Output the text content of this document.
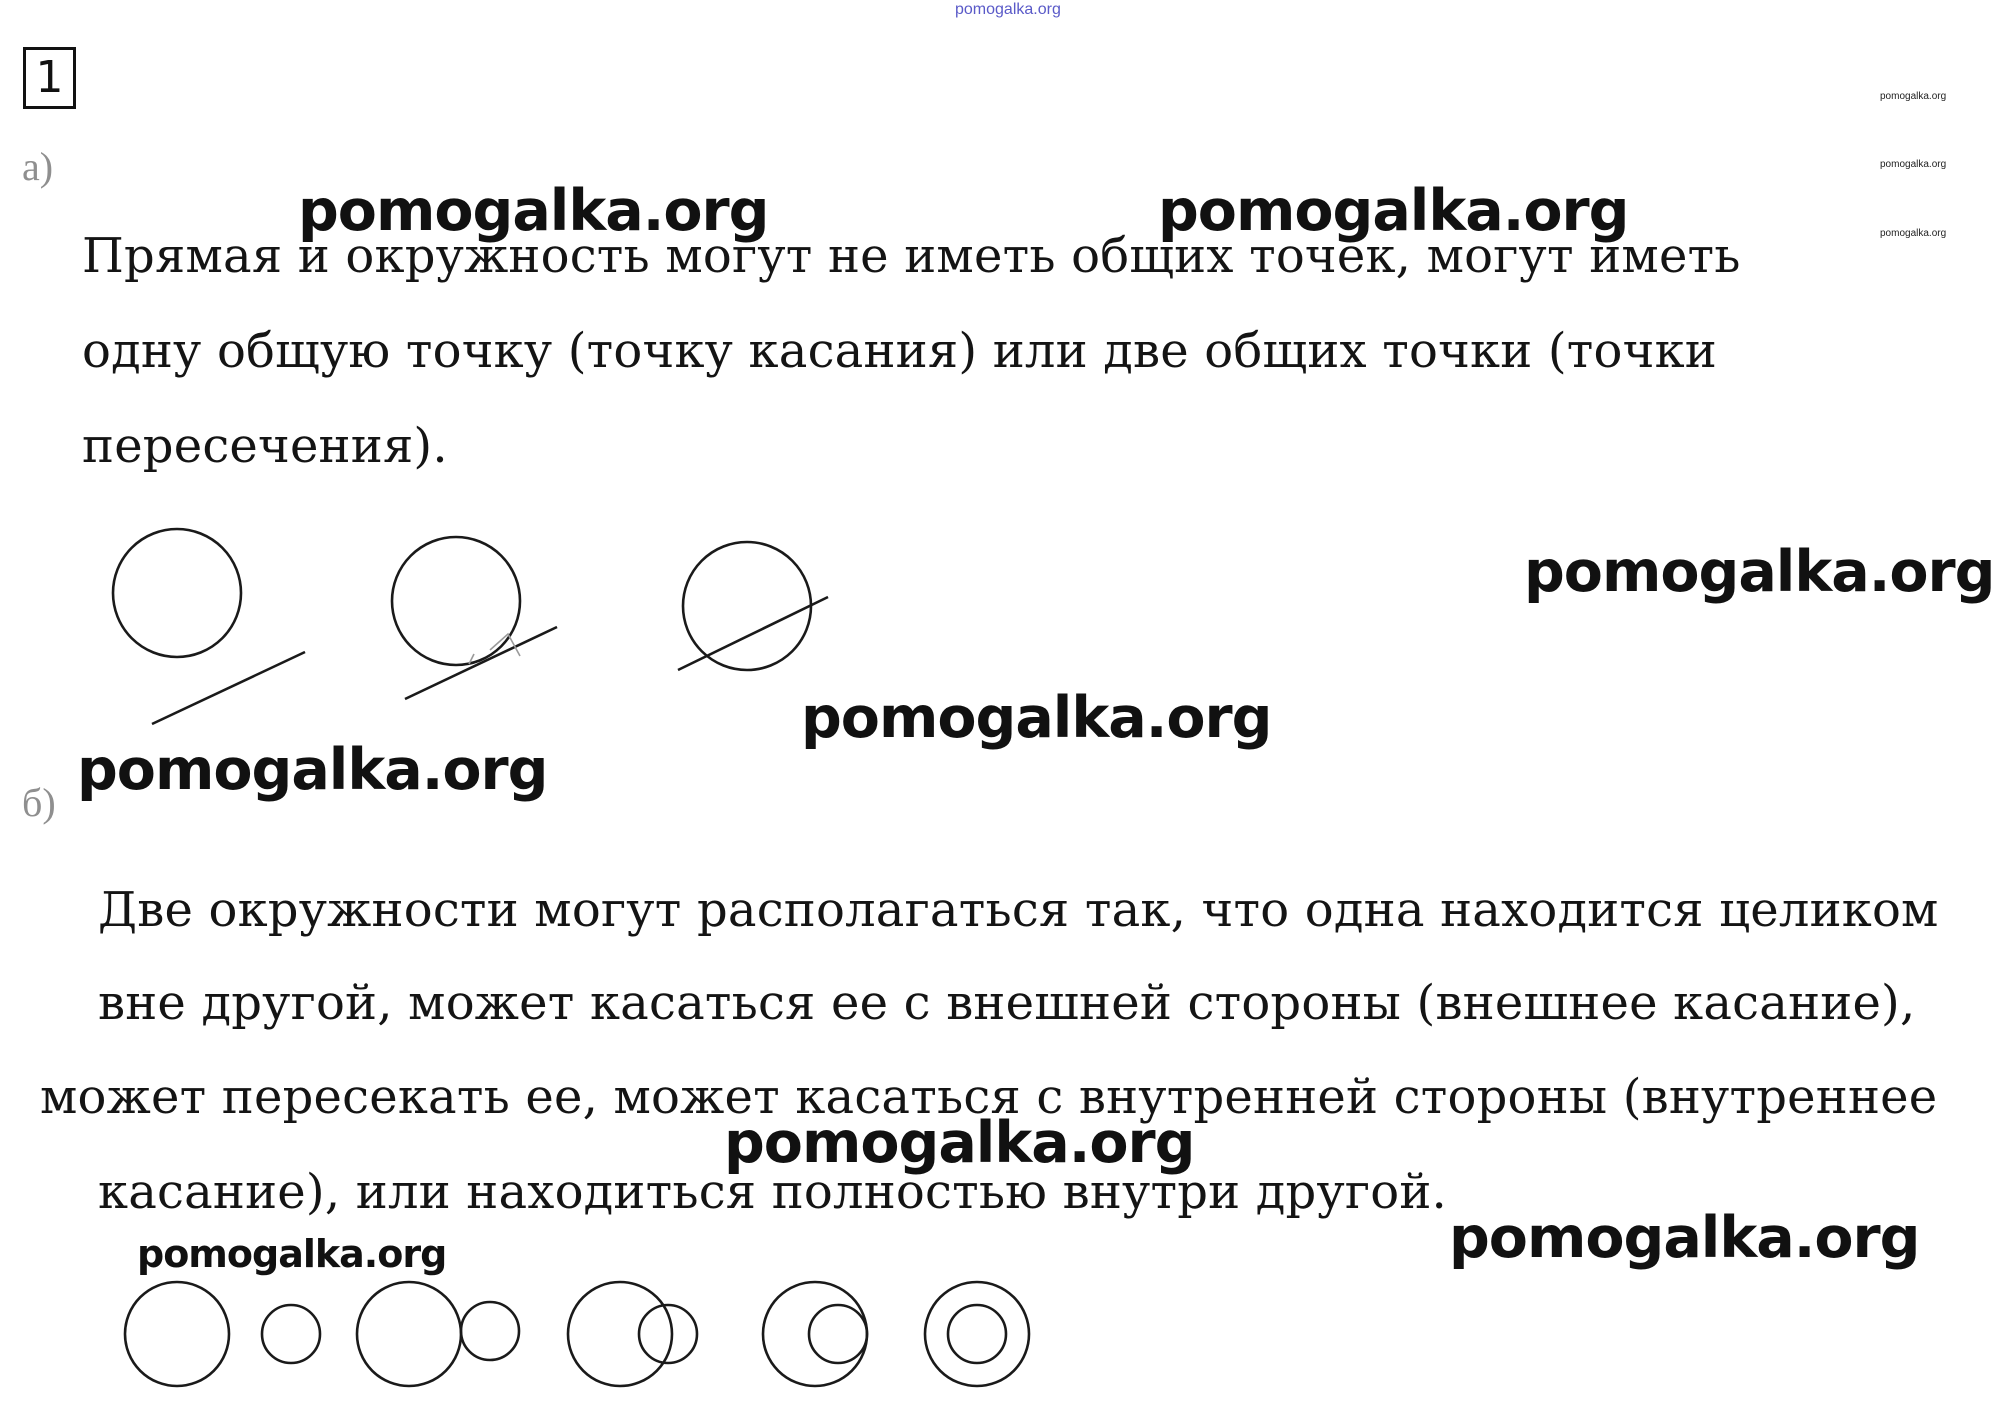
pomogalka.org
1	pomogalka.org
pomogalka.org
pomogalka.org
а)
Прямая и окружность могут не иметь общих точек, могут иметь
одну общую точку (точку касания) или две общих точки (точки
пересечения).
б)
Две окружности могут располагаться так, что одна находится целиком
вне другой, может касаться ее с внешней стороны (внешнее касание),
может пересекать ее, может касаться с внутренней стороны (внутреннее
касание), или находиться полностью внутри другой.
pomogalka.org	pomogalka.org
pomogalka.org
pomogalka.org
pomogalka.org
pomogalka.org
pomogalka.org
pomogalka.org
